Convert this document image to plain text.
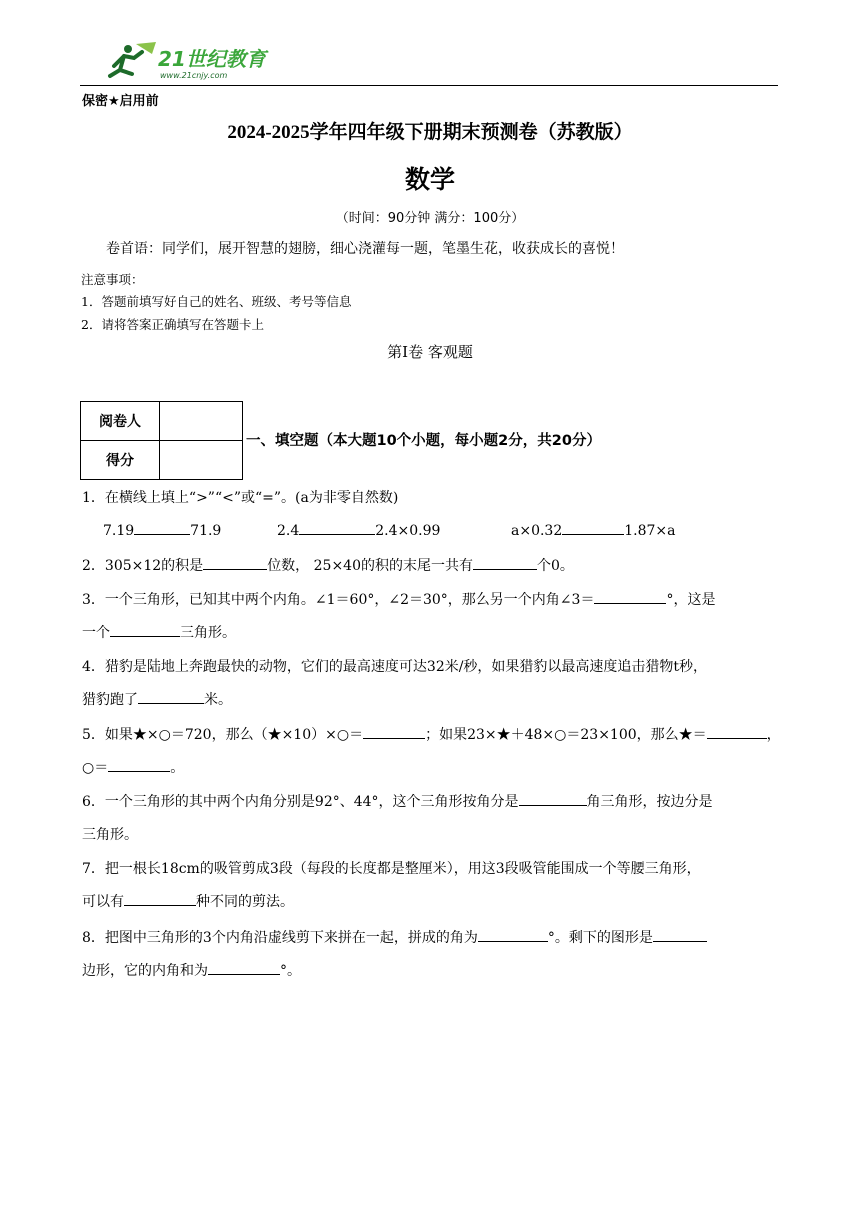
21世纪教育
www.21cnjy.com
保密★启用前
2024-2025学年四年级下册期末预测卷（苏教版）
数学
（时间：90分钟 满分：100分）
卷首语：同学们，展开智慧的翅膀，细心浇灌每一题，笔墨生花，收获成长的喜悦！
注意事项：
1．答题前填写好自己的姓名、班级、考号等信息
2．请将答案正确填写在答题卡上
第Ⅰ卷 客观题
阅卷人	
得分	
一、填空题（本大题10个小题，每小题2分，共20分）
1．在横线上填上“>”“<”或“=”。(a为非零自然数)
7.19	71.9	2.4	2.4×0.99	a×0.32	1.87×a
2．305×12的积是	位数， 25×40的积的末尾一共有	个0。
3．一个三角形，已知其中两个内角。∠1＝60°，∠2＝30°，那么另一个内角∠3＝	°，这是
一个	三角形。
4．猎豹是陆地上奔跑最快的动物，它们的最高速度可达32米/秒，如果猎豹以最高速度追击猎物t秒，
猎豹跑了	米。
5．如果★×○＝720，那么（★×10）×○＝	；如果23×★＋48×○＝23×100，那么★＝	，
○＝	。
6．一个三角形的其中两个内角分别是92°、44°，这个三角形按角分是	角三角形，按边分是
三角形。
7．把一根长18cm的吸管剪成3段（每段的长度都是整厘米），用这3段吸管能围成一个等腰三角形，
可以有	种不同的剪法。
8．把图中三角形的3个内角沿虚线剪下来拼在一起，拼成的角为	°。剩下的图形是
边形，它的内角和为	°。
